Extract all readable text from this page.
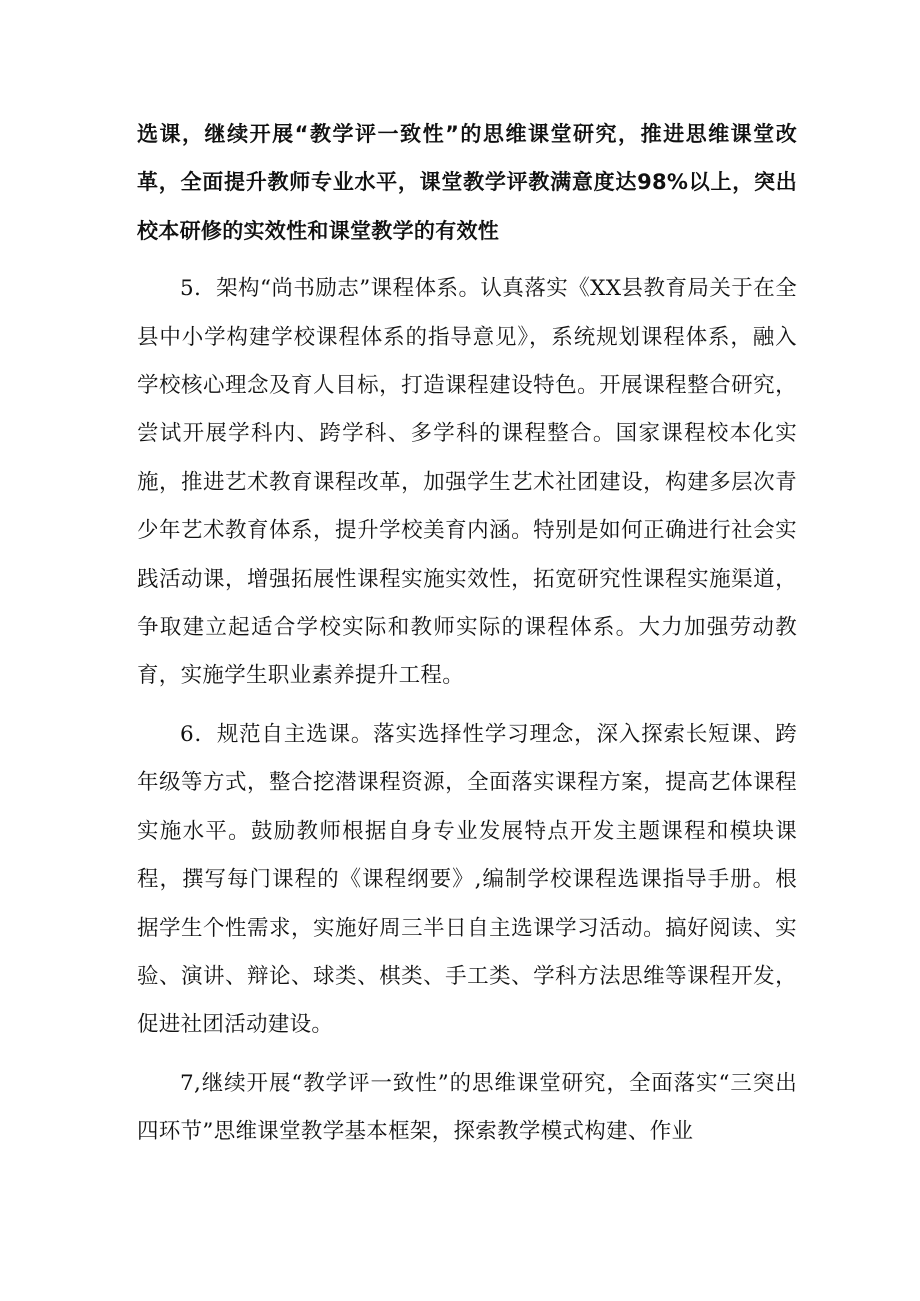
选课，继续开展“教学评一致性”的思维课堂研究，推进思维课堂改革，全面提升教师专业水平，课堂教学评教满意度达98%以上，突出校本研修的实效性和课堂教学的有效性

5．架构“尚书励志”课程体系。认真落实《XX县教育局关于在全县中小学构建学校课程体系的指导意见》，系统规划课程体系，融入学校核心理念及育人目标，打造课程建设特色。开展课程整合研究，尝试开展学科内、跨学科、多学科的课程整合。国家课程校本化实施，推进艺术教育课程改革，加强学生艺术社团建设，构建多层次青少年艺术教育体系，提升学校美育内涵。特别是如何正确进行社会实践活动课，增强拓展性课程实施实效性，拓宽研究性课程实施渠道，争取建立起适合学校实际和教师实际的课程体系。大力加强劳动教育，实施学生职业素养提升工程。

6．规范自主选课。落实选择性学习理念，深入探索长短课、跨年级等方式，整合挖潜课程资源，全面落实课程方案，提高艺体课程实施水平。鼓励教师根据自身专业发展特点开发主题课程和模块课程，撰写每门课程的《课程纲要》,编制学校课程选课指导手册。根据学生个性需求，实施好周三半日自主选课学习活动。搞好阅读、实验、演讲、辩论、球类、棋类、手工类、学科方法思维等课程开发，促进社团活动建设。

7,继续开展“教学评一致性”的思维课堂研究，全面落实“三突出四环节”思维课堂教学基本框架，探索教学模式构建、作业
